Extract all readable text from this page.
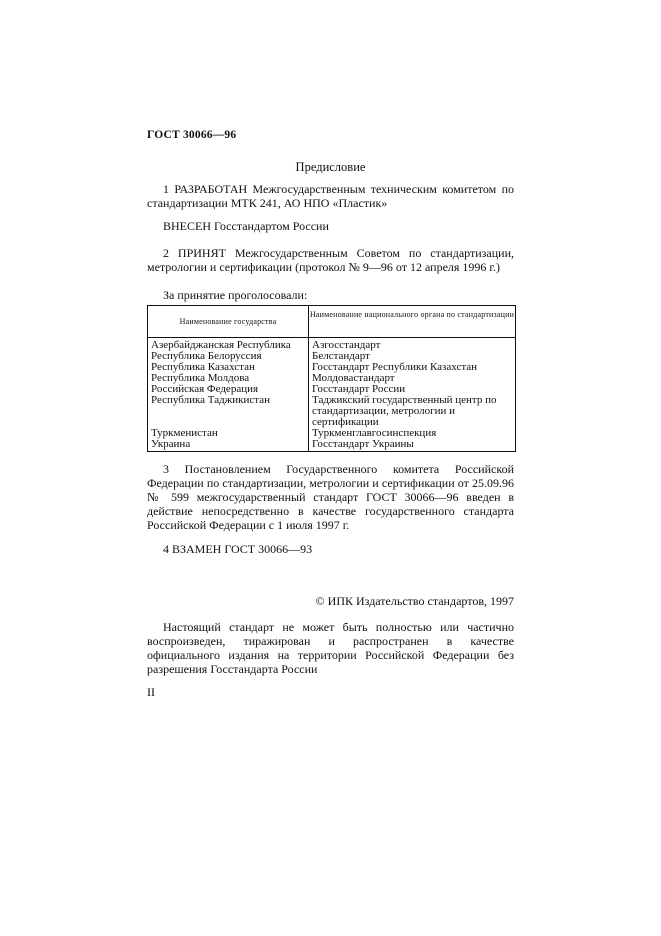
ГОСТ 30066—96
Предисловие
1 РАЗРАБОТАН Межгосударственным техническим комитетом по стандартизации МТК 241, АО НПО «Пластик»
ВНЕСЕН Госстандартом России
2 ПРИНЯТ Межгосударственным Советом по стандартизации, метрологии и сертификации (протокол № 9—96 от 12 апреля 1996 г.)
За принятие проголосовали:
Наименование государства
Наименование национального органа по стандартизации
Азербайджанская Республика
Республика Белоруссия
Республика Казахстан
Республика Молдова
Российская Федерация
Республика Таджикистан
Туркменистан
Украина
Азгосстандарт
Белстандарт
Госстандарт Республики Казахстан
Молдовастандарт
Госстандарт России
Таджикский государственный центр по стандартизации, метрологии и сертификации
Туркменглавгосинспекция
Госстандарт Украины
3 Постановлением Государственного комитета Российской Федерации по стандартизации, метрологии и сертификации от 25.09.96 № 599 межгосударственный стандарт ГОСТ 30066—96 введен в действие непосредственно в качестве государственного стандарта Российской Федерации с 1 июля 1997 г.
4 ВЗАМЕН ГОСТ 30066—93
© ИПК Издательство стандартов, 1997
Настоящий стандарт не может быть полностью или частично воспроизведен, тиражирован и распространен в качестве официального издания на территории Российской Федерации без разрешения Госстандарта России
II
